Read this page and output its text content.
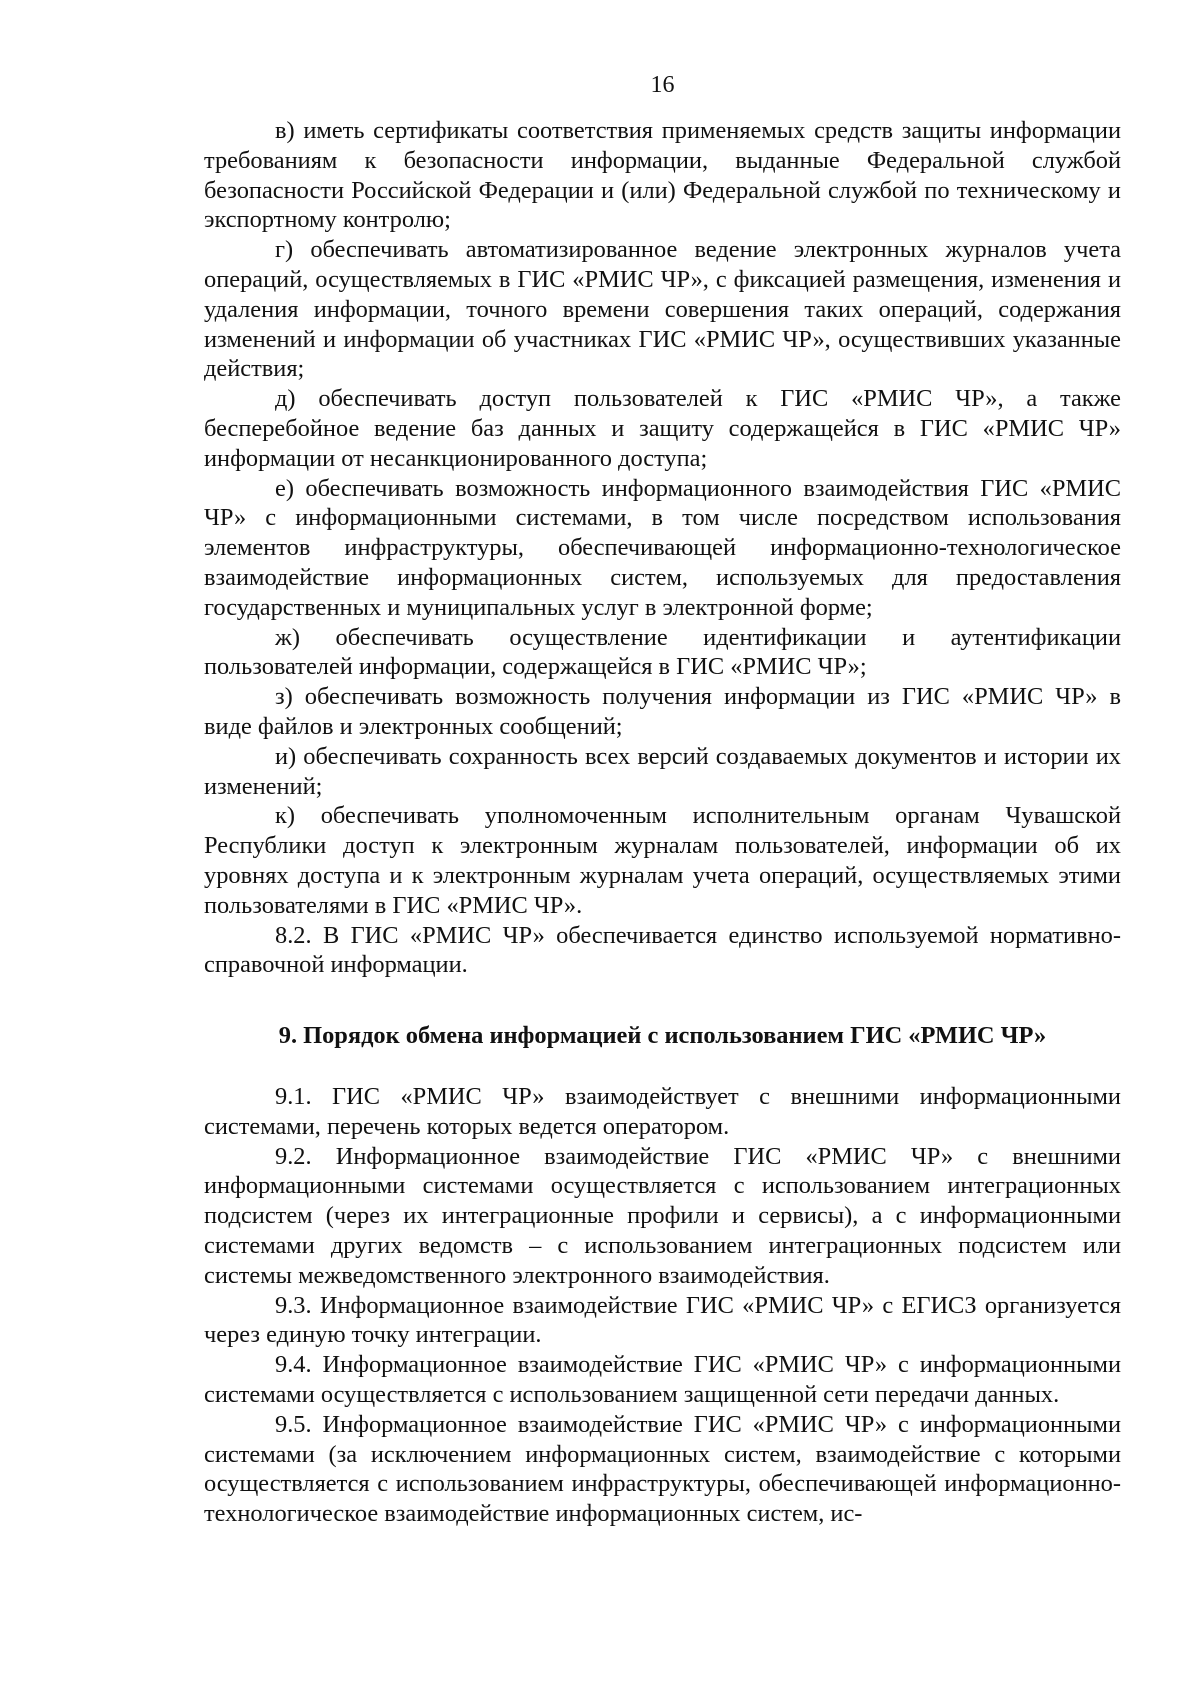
16

в) иметь сертификаты соответствия применяемых средств защиты информации требованиям к безопасности информации, выданные Федеральной службой безопасности Российской Федерации и (или) Федеральной службой по техническому и экспортному контролю;

г) обеспечивать автоматизированное ведение электронных журналов учета операций, осуществляемых в ГИС «РМИС ЧР», с фиксацией размещения, изменения и удаления информации, точного времени совершения таких операций, содержания изменений и информации об участниках ГИС «РМИС ЧР», осуществивших указанные действия;

д) обеспечивать доступ пользователей к ГИС «РМИС ЧР», а также бесперебойное ведение баз данных и защиту содержащейся в ГИС «РМИС ЧР» информации от несанкционированного доступа;

е) обеспечивать возможность информационного взаимодействия ГИС «РМИС ЧР» с информационными системами, в том числе посредством использования элементов инфраструктуры, обеспечивающей информационно-технологическое взаимодействие информационных систем, используемых для предоставления государственных и муниципальных услуг в электронной форме;

ж) обеспечивать осуществление идентификации и аутентификации пользователей информации, содержащейся в ГИС «РМИС ЧР»;

з) обеспечивать возможность получения информации из ГИС «РМИС ЧР» в виде файлов и электронных сообщений;

и) обеспечивать сохранность всех версий создаваемых документов и истории их изменений;

к) обеспечивать уполномоченным исполнительным органам Чувашской Республики доступ к электронным журналам пользователей, информации об их уровнях доступа и к электронным журналам учета операций, осуществляемых этими пользователями в ГИС «РМИС ЧР».

8.2. В ГИС «РМИС ЧР» обеспечивается единство используемой нормативно-справочной информации.

9. Порядок обмена информацией с использованием ГИС «РМИС ЧР»

9.1. ГИС «РМИС ЧР» взаимодействует с внешними информационными системами, перечень которых ведется оператором.

9.2. Информационное взаимодействие ГИС «РМИС ЧР» с внешними информационными системами осуществляется с использованием интеграционных подсистем (через их интеграционные профили и сервисы), а с информационными системами других ведомств – с использованием интеграционных подсистем или системы межведомственного электронного взаимодействия.

9.3. Информационное взаимодействие ГИС «РМИС ЧР» с ЕГИСЗ организуется через единую точку интеграции.

9.4. Информационное взаимодействие ГИС «РМИС ЧР» с информационными системами осуществляется с использованием защищенной сети передачи данных.

9.5. Информационное взаимодействие ГИС «РМИС ЧР» с информационными системами (за исключением информационных систем, взаимодействие с которыми осуществляется с использованием инфраструктуры, обеспечивающей информационно-технологическое взаимодействие информационных систем, ис-
